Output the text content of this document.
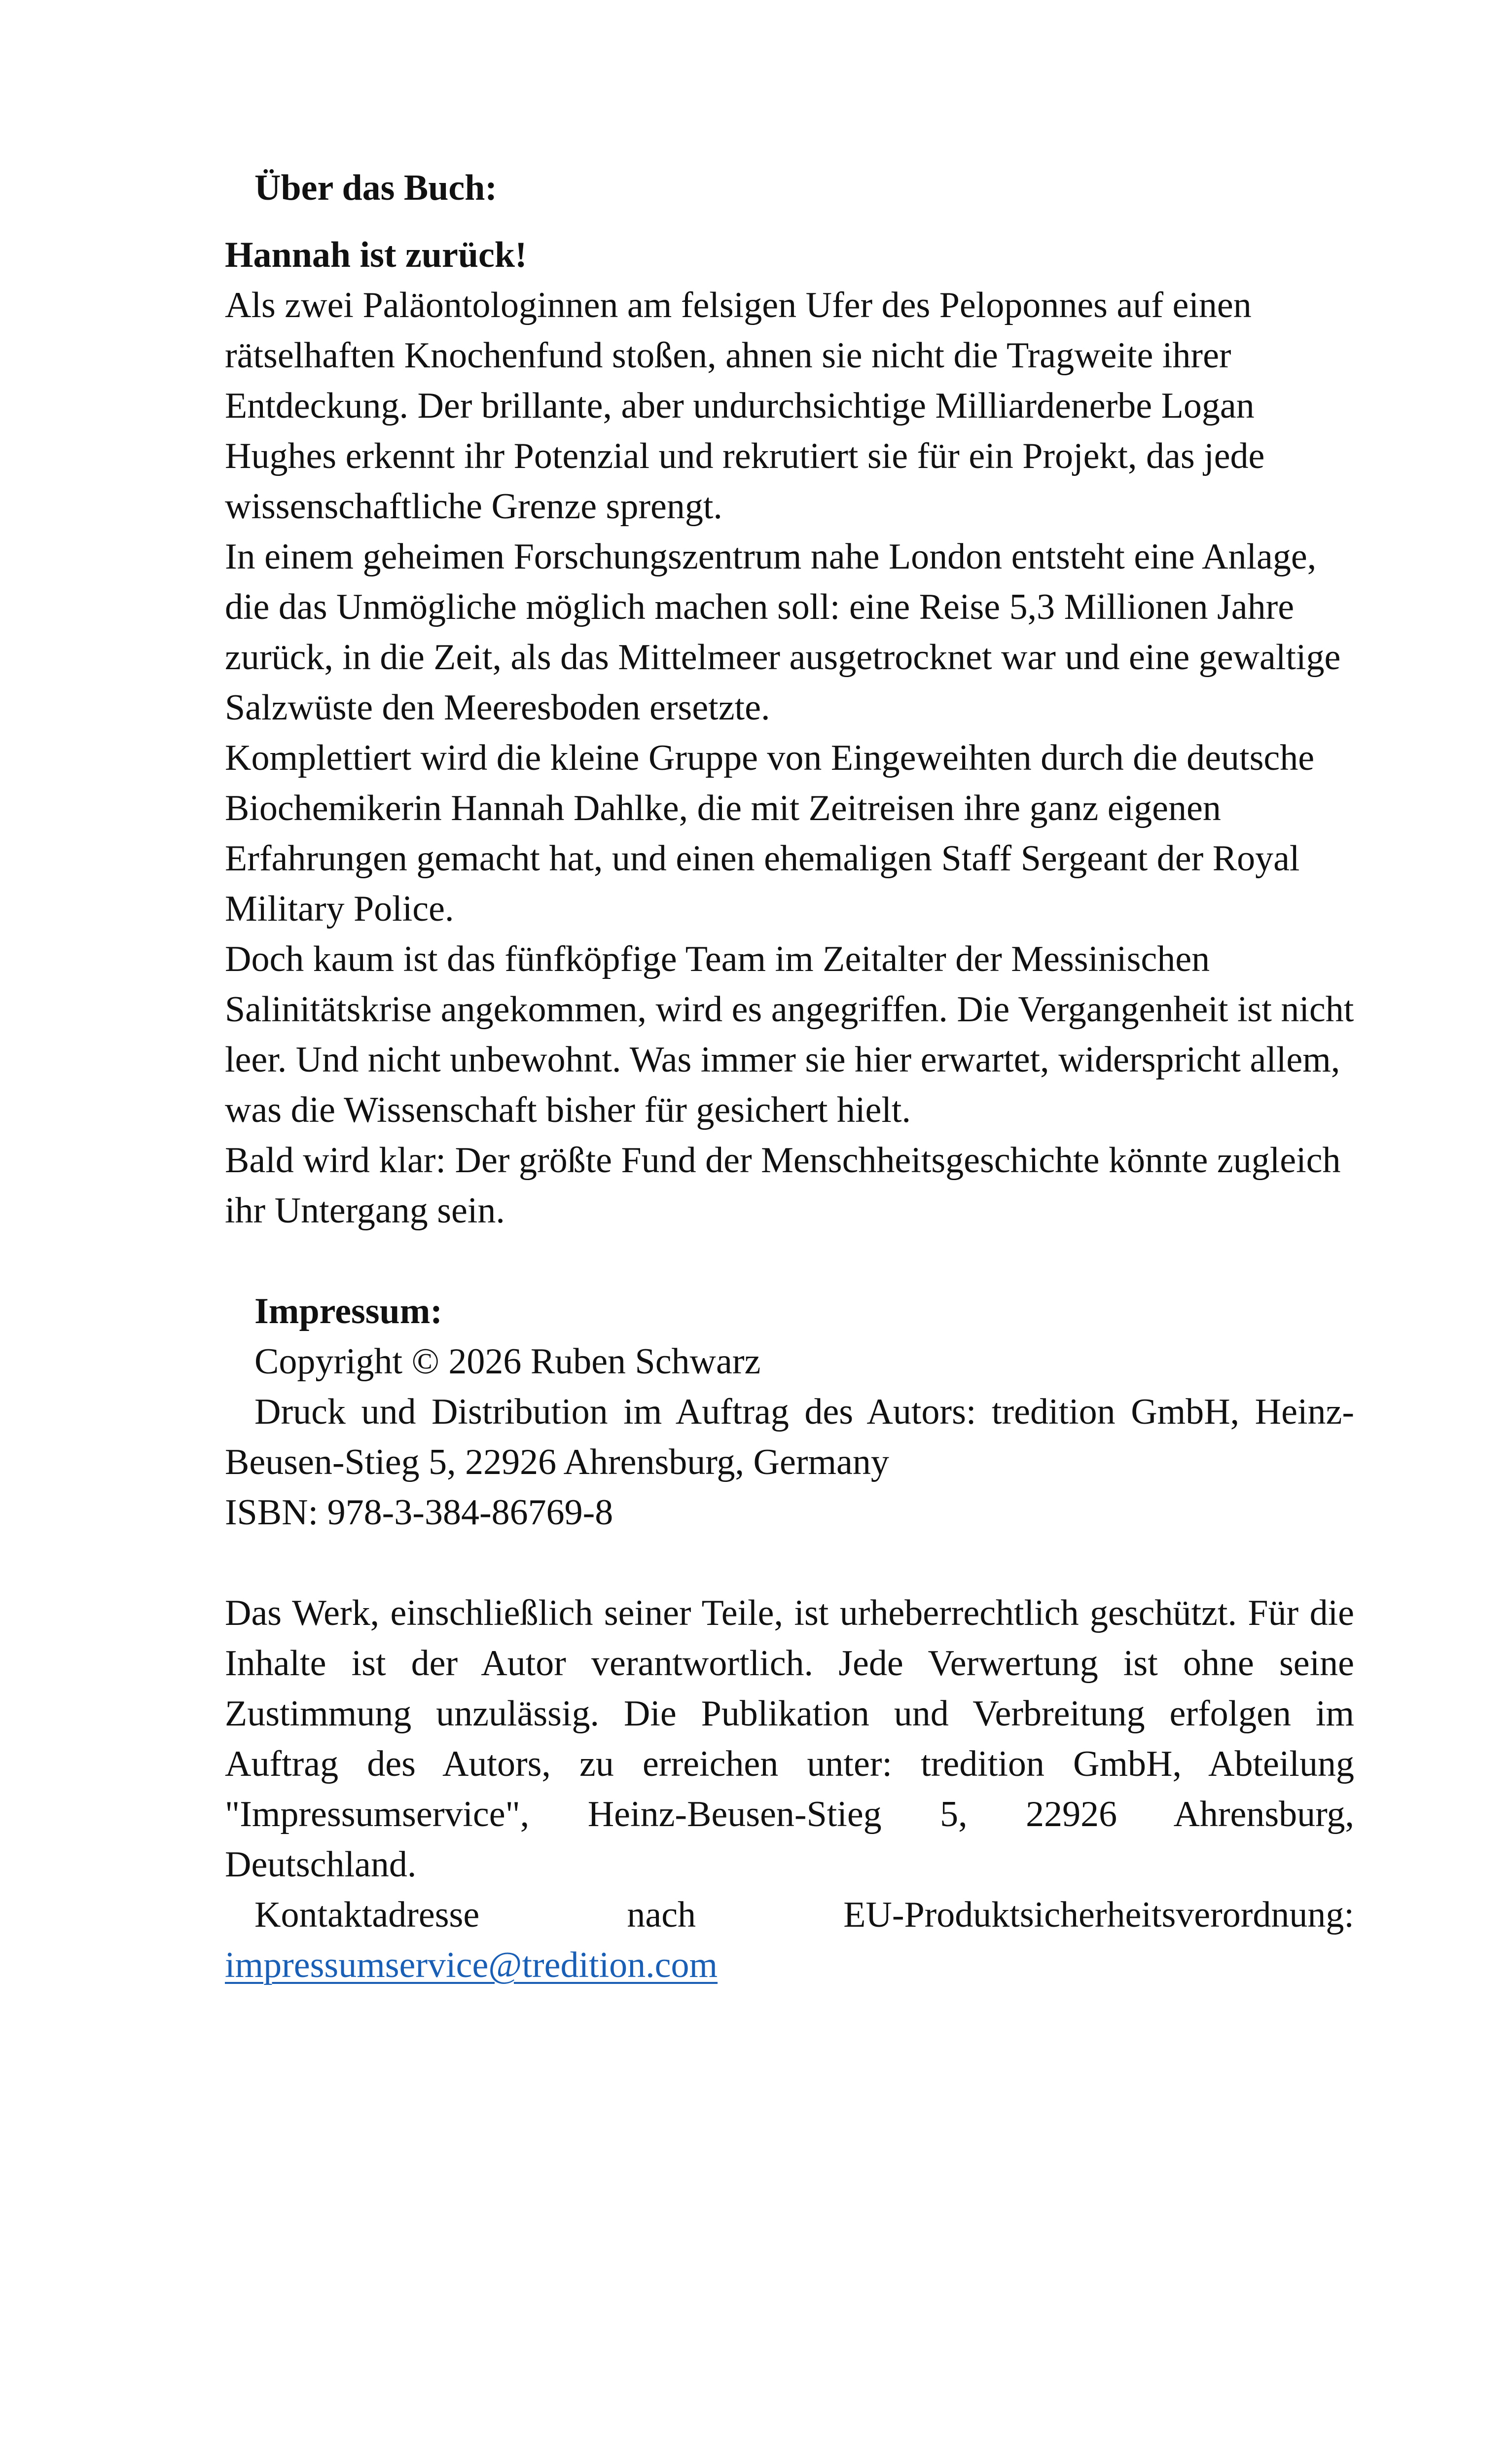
Über das Buch:

Hannah ist zurück!

Als zwei Paläontologinnen am felsigen Ufer des Peloponnes auf einen rätselhaften Knochenfund stoßen, ahnen sie nicht die Tragweite ihrer Entdeckung. Der brillante, aber undurchsichtige Milliardenerbe Logan Hughes erkennt ihr Potenzial und rekrutiert sie für ein Projekt, das jede wissenschaftliche Grenze sprengt.

In einem geheimen Forschungszentrum nahe London entsteht eine Anlage, die das Unmögliche möglich machen soll: eine Reise 5,3 Millionen Jahre zurück, in die Zeit, als das Mittelmeer ausgetrocknet war und eine gewaltige Salzwüste den Meeresboden ersetzte.

Komplettiert wird die kleine Gruppe von Eingeweihten durch die deutsche Biochemikerin Hannah Dahlke, die mit Zeitreisen ihre ganz eigenen Erfahrungen gemacht hat, und einen ehemaligen Staff Sergeant der Royal Military Police.

Doch kaum ist das fünfköpfige Team im Zeitalter der Messinischen Salinitätskrise angekommen, wird es angegriffen. Die Vergangenheit ist nicht leer. Und nicht unbewohnt. Was immer sie hier erwartet, widerspricht allem, was die Wissenschaft bisher für gesichert hielt.

Bald wird klar: Der größte Fund der Menschheitsgeschichte könnte zugleich ihr Untergang sein.

Impressum:

Copyright © 2026 Ruben Schwarz

Druck und Distribution im Auftrag des Autors: tredition GmbH, Heinz-Beusen-Stieg 5, 22926 Ahrensburg, Germany

ISBN: 978-3-384-86769-8

Das Werk, einschließlich seiner Teile, ist urheberrechtlich geschützt. Für die Inhalte ist der Autor verantwortlich. Jede Verwertung ist ohne seine Zustimmung unzulässig. Die Publikation und Verbreitung erfolgen im Auftrag des Autors, zu erreichen unter: tredition GmbH, Abteilung "Impressumservice", Heinz-Beusen-Stieg 5, 22926 Ahrensburg, Deutschland.

Kontaktadresse nach EU-Produktsicherheitsverordnung: impressumservice@tredition.com
